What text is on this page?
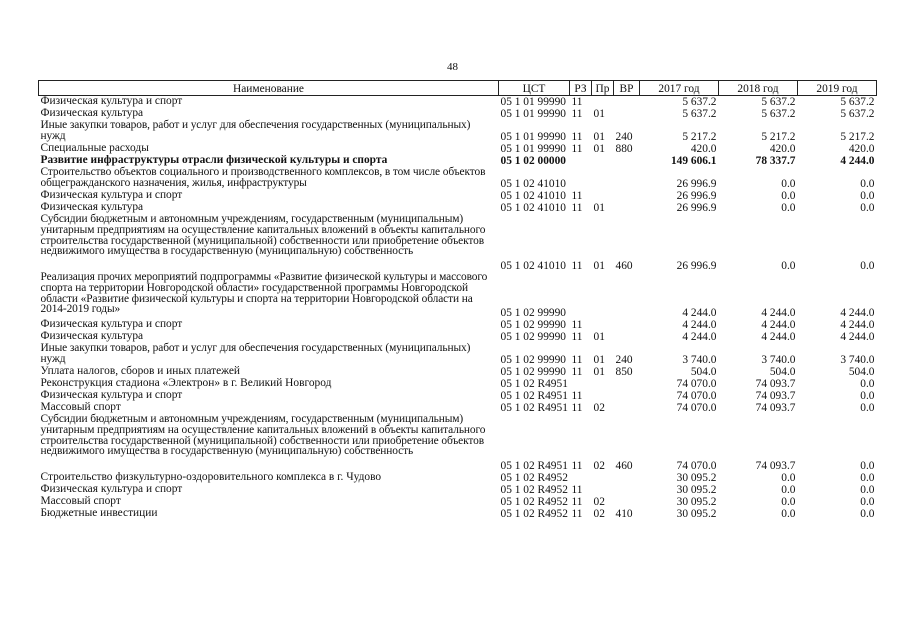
48
Наименование	ЦСТ	РЗ	Пр	ВР	2017 год	2018 год	2019 год
Физическая культура и спорт	05 1 01 99990	11			5 637.2	5 637.2	5 637.2
Физическая культура	05 1 01 99990	11	01		5 637.2	5 637.2	5 637.2
Иные закупки товаров, работ и услуг для обеспечения государственных (муниципальных) нужд	05 1 01 99990	11	01	240	5 217.2	5 217.2	5 217.2
Специальные расходы	05 1 01 99990	11	01	880	420.0	420.0	420.0
Развитие инфраструктуры отрасли физической культуры и спорта	05 1 02 00000				149 606.1	78 337.7	4 244.0
Строительство объектов социального и производственного комплексов, в том числе объектов общегражданского назначения, жилья, инфраструктуры	05 1 02 41010				26 996.9	0.0	0.0
Физическая культура и спорт	05 1 02 41010	11			26 996.9	0.0	0.0
Физическая культура	05 1 02 41010	11	01		26 996.9	0.0	0.0
Субсидии бюджетным и автономным учреждениям, государственным (муниципальным) унитарным предприятиям на осуществление капитальных вложений в объекты капитального строительства государственной (муниципальной) собственности или приобретение объектов недвижимого имущества в государственную (муниципальную) собственность	05 1 02 41010	11	01	460	26 996.9	0.0	0.0
Реализация прочих мероприятий подпрограммы «Развитие физической культуры и массового спорта на территории Новгородской области» государственной программы Новгородской области «Развитие физической культуры и спорта на территории Новгородской области на 2014-2019 годы»	05 1 02 99990				4 244.0	4 244.0	4 244.0
Физическая культура и спорт	05 1 02 99990	11			4 244.0	4 244.0	4 244.0
Физическая культура	05 1 02 99990	11	01		4 244.0	4 244.0	4 244.0
Иные закупки товаров, работ и услуг для обеспечения государственных (муниципальных) нужд	05 1 02 99990	11	01	240	3 740.0	3 740.0	3 740.0
Уплата налогов, сборов и иных платежей	05 1 02 99990	11	01	850	504.0	504.0	504.0
Реконструкция стадиона «Электрон» в г. Великий Новгород	05 1 02 R4951				74 070.0	74 093.7	0.0
Физическая культура и спорт	05 1 02 R4951	11			74 070.0	74 093.7	0.0
Массовый спорт	05 1 02 R4951	11	02		74 070.0	74 093.7	0.0
Субсидии бюджетным и автономным учреждениям, государственным (муниципальным) унитарным предприятиям на осуществление капитальных вложений в объекты капитального строительства государственной (муниципальной) собственности или приобретение объектов недвижимого имущества в государственную (муниципальную) собственность	05 1 02 R4951	11	02	460	74 070.0	74 093.7	0.0
Строительство физкультурно-оздоровительного комплекса в г. Чудово	05 1 02 R4952				30 095.2	0.0	0.0
Физическая культура и спорт	05 1 02 R4952	11			30 095.2	0.0	0.0
Массовый спорт	05 1 02 R4952	11	02		30 095.2	0.0	0.0
Бюджетные инвестиции	05 1 02 R4952	11	02	410	30 095.2	0.0	0.0
